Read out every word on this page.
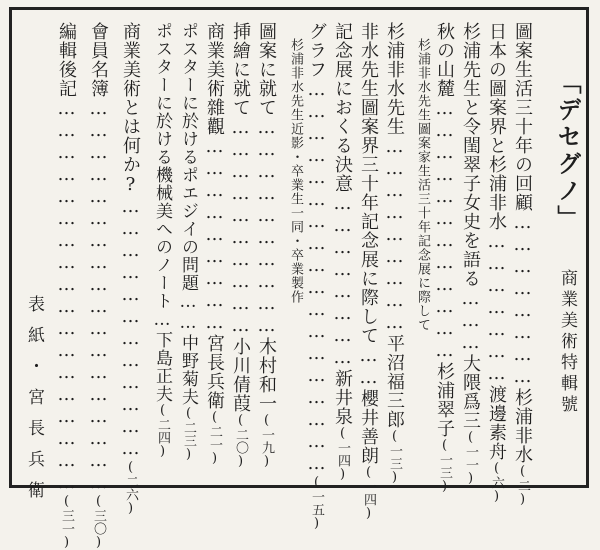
「デセグノ」 商業美術特輯號
圖案生活三十年の回顧……………………杉浦非水(二)
日本の圖案界と杉浦非水…………………渡邊素舟(六)
杉浦先生と令閨翠子女史を語る………大隈爲三(一一)
秋の山麓………………………………杉浦翠子(一三)
杉浦非水先生圖案家生活三十年記念展に際して
杉浦非水先生………………………平沼福三郎(一三)
非水先生圖案界三十年記念展に際して……櫻井善朗(一四)
記念展におくる決意……………………新井泉(一四)
グラフ………………………………………………(一五)
杉浦非水先生近影・卒業生一同・卒業製作
圖案に就て…………………………木村和一(一九)
挿繪に就て…………………………小川倩葭(二〇)
商業美術雜觀………………………宮長兵衛(二一)
ポスターに於けるポエジイの問題……中野菊夫(二三)
ポスターに於ける機械美へのノート…下島正夫(二四)
商業美術とは何か?………………………………(二六)
會員名簿………………………………………………(三〇)
編輯後記………………………………………………(三一)
表紙・宮長兵衛
